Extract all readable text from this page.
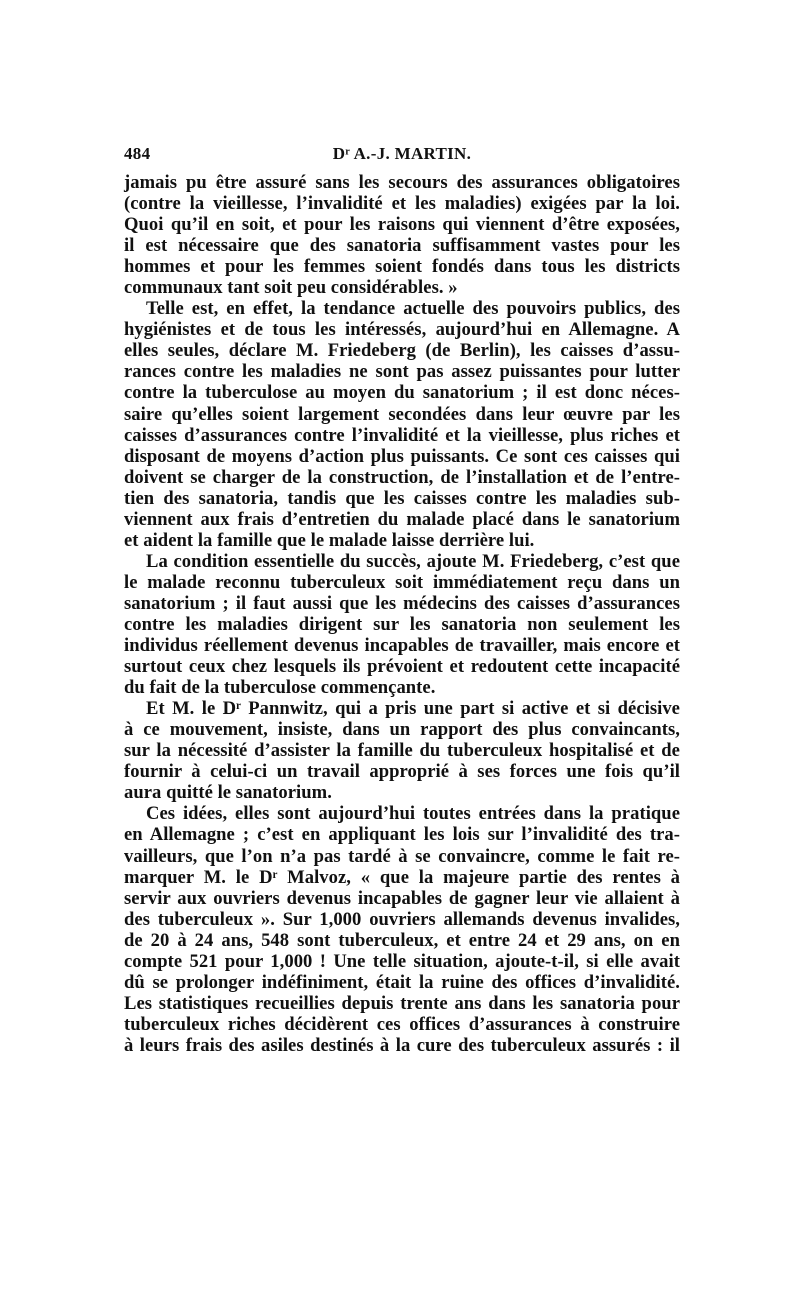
484	Dʳ A.-J. MARTIN.
jamais pu être assuré sans les secours des assurances obligatoires
(contre la vieillesse, l’invalidité et les maladies) exigées par la loi.
Quoi qu’il en soit, et pour les raisons qui viennent d’être exposées,
il est nécessaire que des sanatoria suffisamment vastes pour les
hommes et pour les femmes soient fondés dans tous les districts
communaux tant soit peu considérables. »
Telle est, en effet, la tendance actuelle des pouvoirs publics, des
hygiénistes et de tous les intéressés, aujourd’hui en Allemagne. A
elles seules, déclare M. Friedeberg (de Berlin), les caisses d’assu-
rances contre les maladies ne sont pas assez puissantes pour lutter
contre la tuberculose au moyen du sanatorium ; il est donc néces-
saire qu’elles soient largement secondées dans leur œuvre par les
caisses d’assurances contre l’invalidité et la vieillesse, plus riches et
disposant de moyens d’action plus puissants. Ce sont ces caisses qui
doivent se charger de la construction, de l’installation et de l’entre-
tien des sanatoria, tandis que les caisses contre les maladies sub-
viennent aux frais d’entretien du malade placé dans le sanatorium
et aident la famille que le malade laisse derrière lui.
La condition essentielle du succès, ajoute M. Friedeberg, c’est que
le malade reconnu tuberculeux soit immédiatement reçu dans un
sanatorium ; il faut aussi que les médecins des caisses d’assurances
contre les maladies dirigent sur les sanatoria non seulement les
individus réellement devenus incapables de travailler, mais encore et
surtout ceux chez lesquels ils prévoient et redoutent cette incapacité
du fait de la tuberculose commençante.
Et M. le Dʳ Pannwitz, qui a pris une part si active et si décisive
à ce mouvement, insiste, dans un rapport des plus convaincants,
sur la nécessité d’assister la famille du tuberculeux hospitalisé et de
fournir à celui-ci un travail approprié à ses forces une fois qu’il
aura quitté le sanatorium.
Ces idées, elles sont aujourd’hui toutes entrées dans la pratique
en Allemagne ; c’est en appliquant les lois sur l’invalidité des tra-
vailleurs, que l’on n’a pas tardé à se convaincre, comme le fait re-
marquer M. le Dʳ Malvoz, « que la majeure partie des rentes à
servir aux ouvriers devenus incapables de gagner leur vie allaient à
des tuberculeux ». Sur 1,000 ouvriers allemands devenus invalides,
de 20 à 24 ans, 548 sont tuberculeux, et entre 24 et 29 ans, on en
compte 521 pour 1,000 ! Une telle situation, ajoute-t-il, si elle avait
dû se prolonger indéfiniment, était la ruine des offices d’invalidité.
Les statistiques recueillies depuis trente ans dans les sanatoria pour
tuberculeux riches décidèrent ces offices d’assurances à construire
à leurs frais des asiles destinés à la cure des tuberculeux assurés : il
